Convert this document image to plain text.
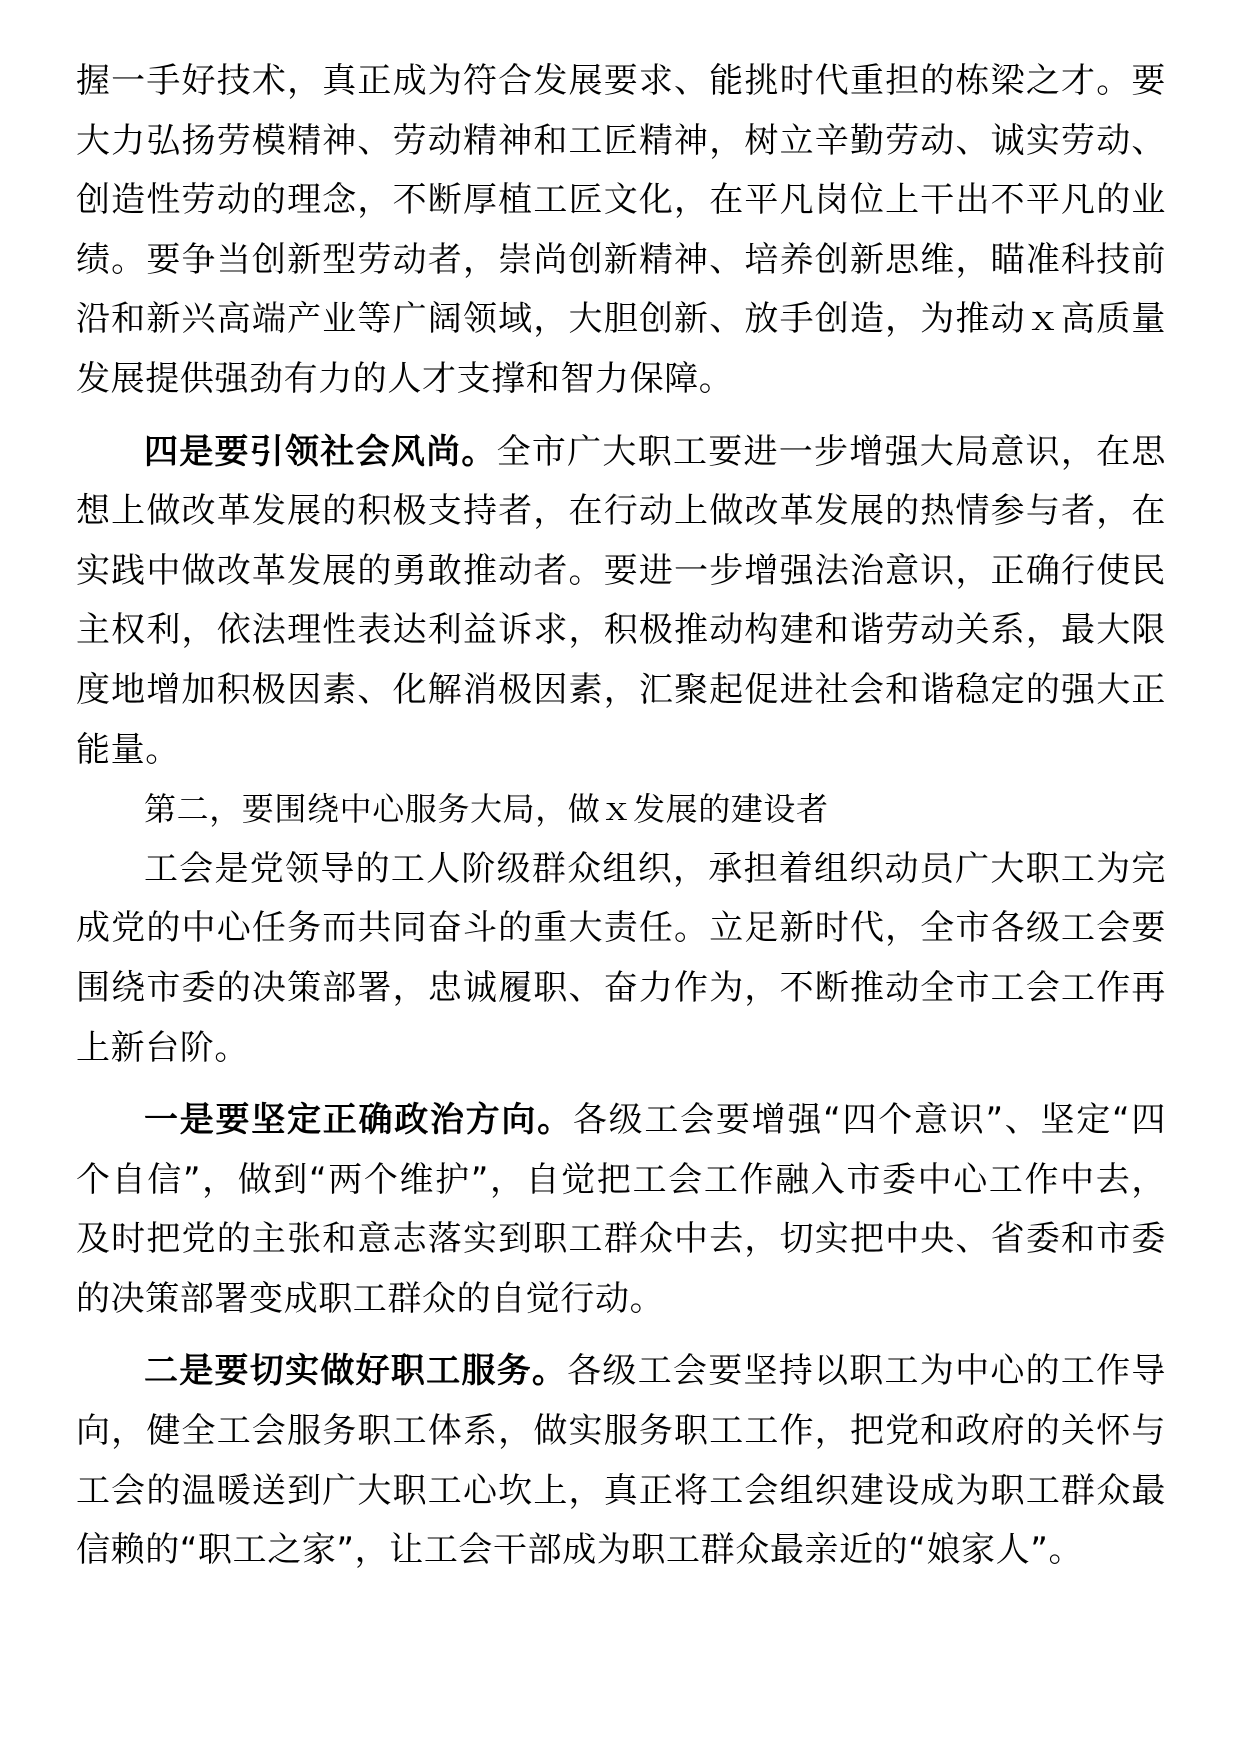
握一手好技术，真正成为符合发展要求、能挑时代重担的栋梁之才。要大力弘扬劳模精神、劳动精神和工匠精神，树立辛勤劳动、诚实劳动、创造性劳动的理念，不断厚植工匠文化，在平凡岗位上干出不平凡的业绩。要争当创新型劳动者，崇尚创新精神、培养创新思维，瞄准科技前沿和新兴高端产业等广阔领域，大胆创新、放手创造，为推动ｘ高质量发展提供强劲有力的人才支撑和智力保障。

四是要引领社会风尚。全市广大职工要进一步增强大局意识，在思想上做改革发展的积极支持者，在行动上做改革发展的热情参与者，在实践中做改革发展的勇敢推动者。要进一步增强法治意识，正确行使民主权利，依法理性表达利益诉求，积极推动构建和谐劳动关系，最大限度地增加积极因素、化解消极因素，汇聚起促进社会和谐稳定的强大正能量。

第二，要围绕中心服务大局，做ｘ发展的建设者

工会是党领导的工人阶级群众组织，承担着组织动员广大职工为完成党的中心任务而共同奋斗的重大责任。立足新时代，全市各级工会要围绕市委的决策部署，忠诚履职、奋力作为，不断推动全市工会工作再上新台阶。

一是要坚定正确政治方向。各级工会要增强“四个意识”、坚定“四个自信”，做到“两个维护”，自觉把工会工作融入市委中心工作中去，及时把党的主张和意志落实到职工群众中去，切实把中央、省委和市委的决策部署变成职工群众的自觉行动。

二是要切实做好职工服务。各级工会要坚持以职工为中心的工作导向，健全工会服务职工体系，做实服务职工工作，把党和政府的关怀与工会的温暖送到广大职工心坎上，真正将工会组织建设成为职工群众最信赖的“职工之家”，让工会干部成为职工群众最亲近的“娘家人”。
